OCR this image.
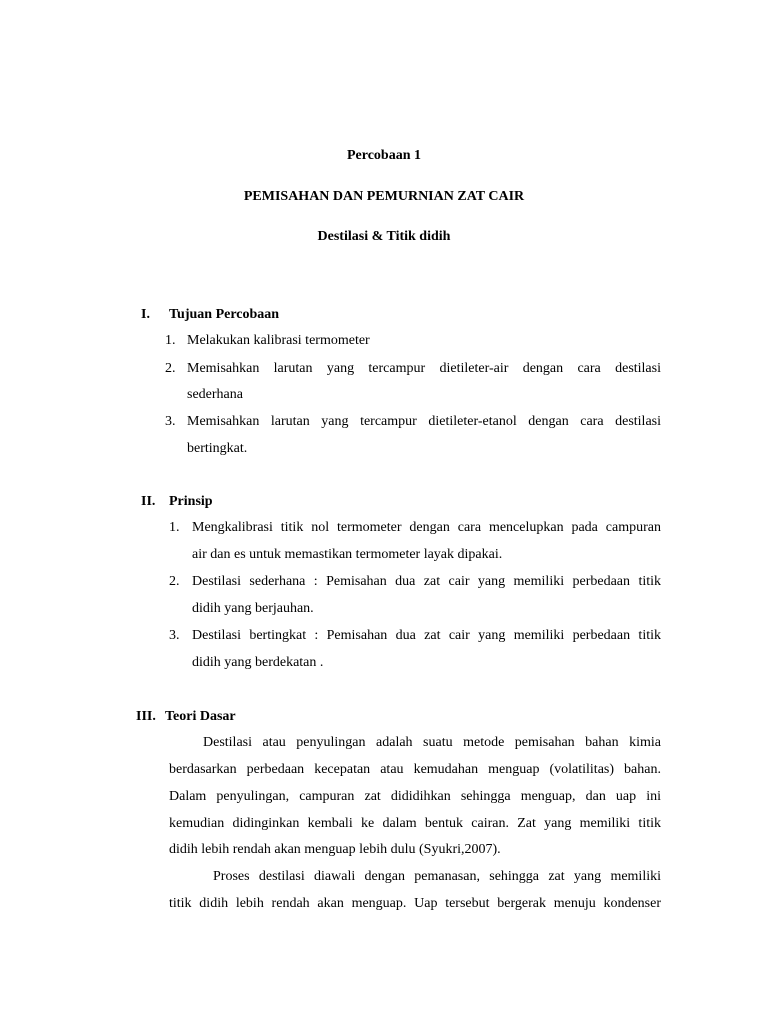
Percobaan 1
PEMISAHAN DAN PEMURNIAN ZAT CAIR
Destilasi & Titik didih
I. Tujuan Percobaan
1. Melakukan kalibrasi termometer
2. Memisahkan larutan yang tercampur dietileter-air dengan cara destilasi
sederhana
3. Memisahkan larutan yang tercampur dietileter-etanol dengan cara destilasi
bertingkat.
II. Prinsip
1. Mengkalibrasi titik nol termometer dengan cara mencelupkan pada campuran
air dan es untuk memastikan termometer layak dipakai.
2. Destilasi sederhana : Pemisahan dua zat cair yang memiliki perbedaan titik
didih yang berjauhan.
3. Destilasi bertingkat : Pemisahan dua zat cair yang memiliki perbedaan titik
didih yang berdekatan .
III. Teori Dasar
Destilasi atau penyulingan adalah suatu metode pemisahan bahan kimia
berdasarkan perbedaan kecepatan atau kemudahan menguap (volatilitas) bahan.
Dalam penyulingan, campuran zat dididihkan sehingga menguap, dan uap ini
kemudian didinginkan kembali ke dalam bentuk cairan. Zat yang memiliki titik
didih lebih rendah akan menguap lebih dulu (Syukri,2007).
Proses destilasi diawali dengan pemanasan, sehingga zat yang memiliki
titik didih lebih rendah akan menguap. Uap tersebut bergerak menuju kondenser
